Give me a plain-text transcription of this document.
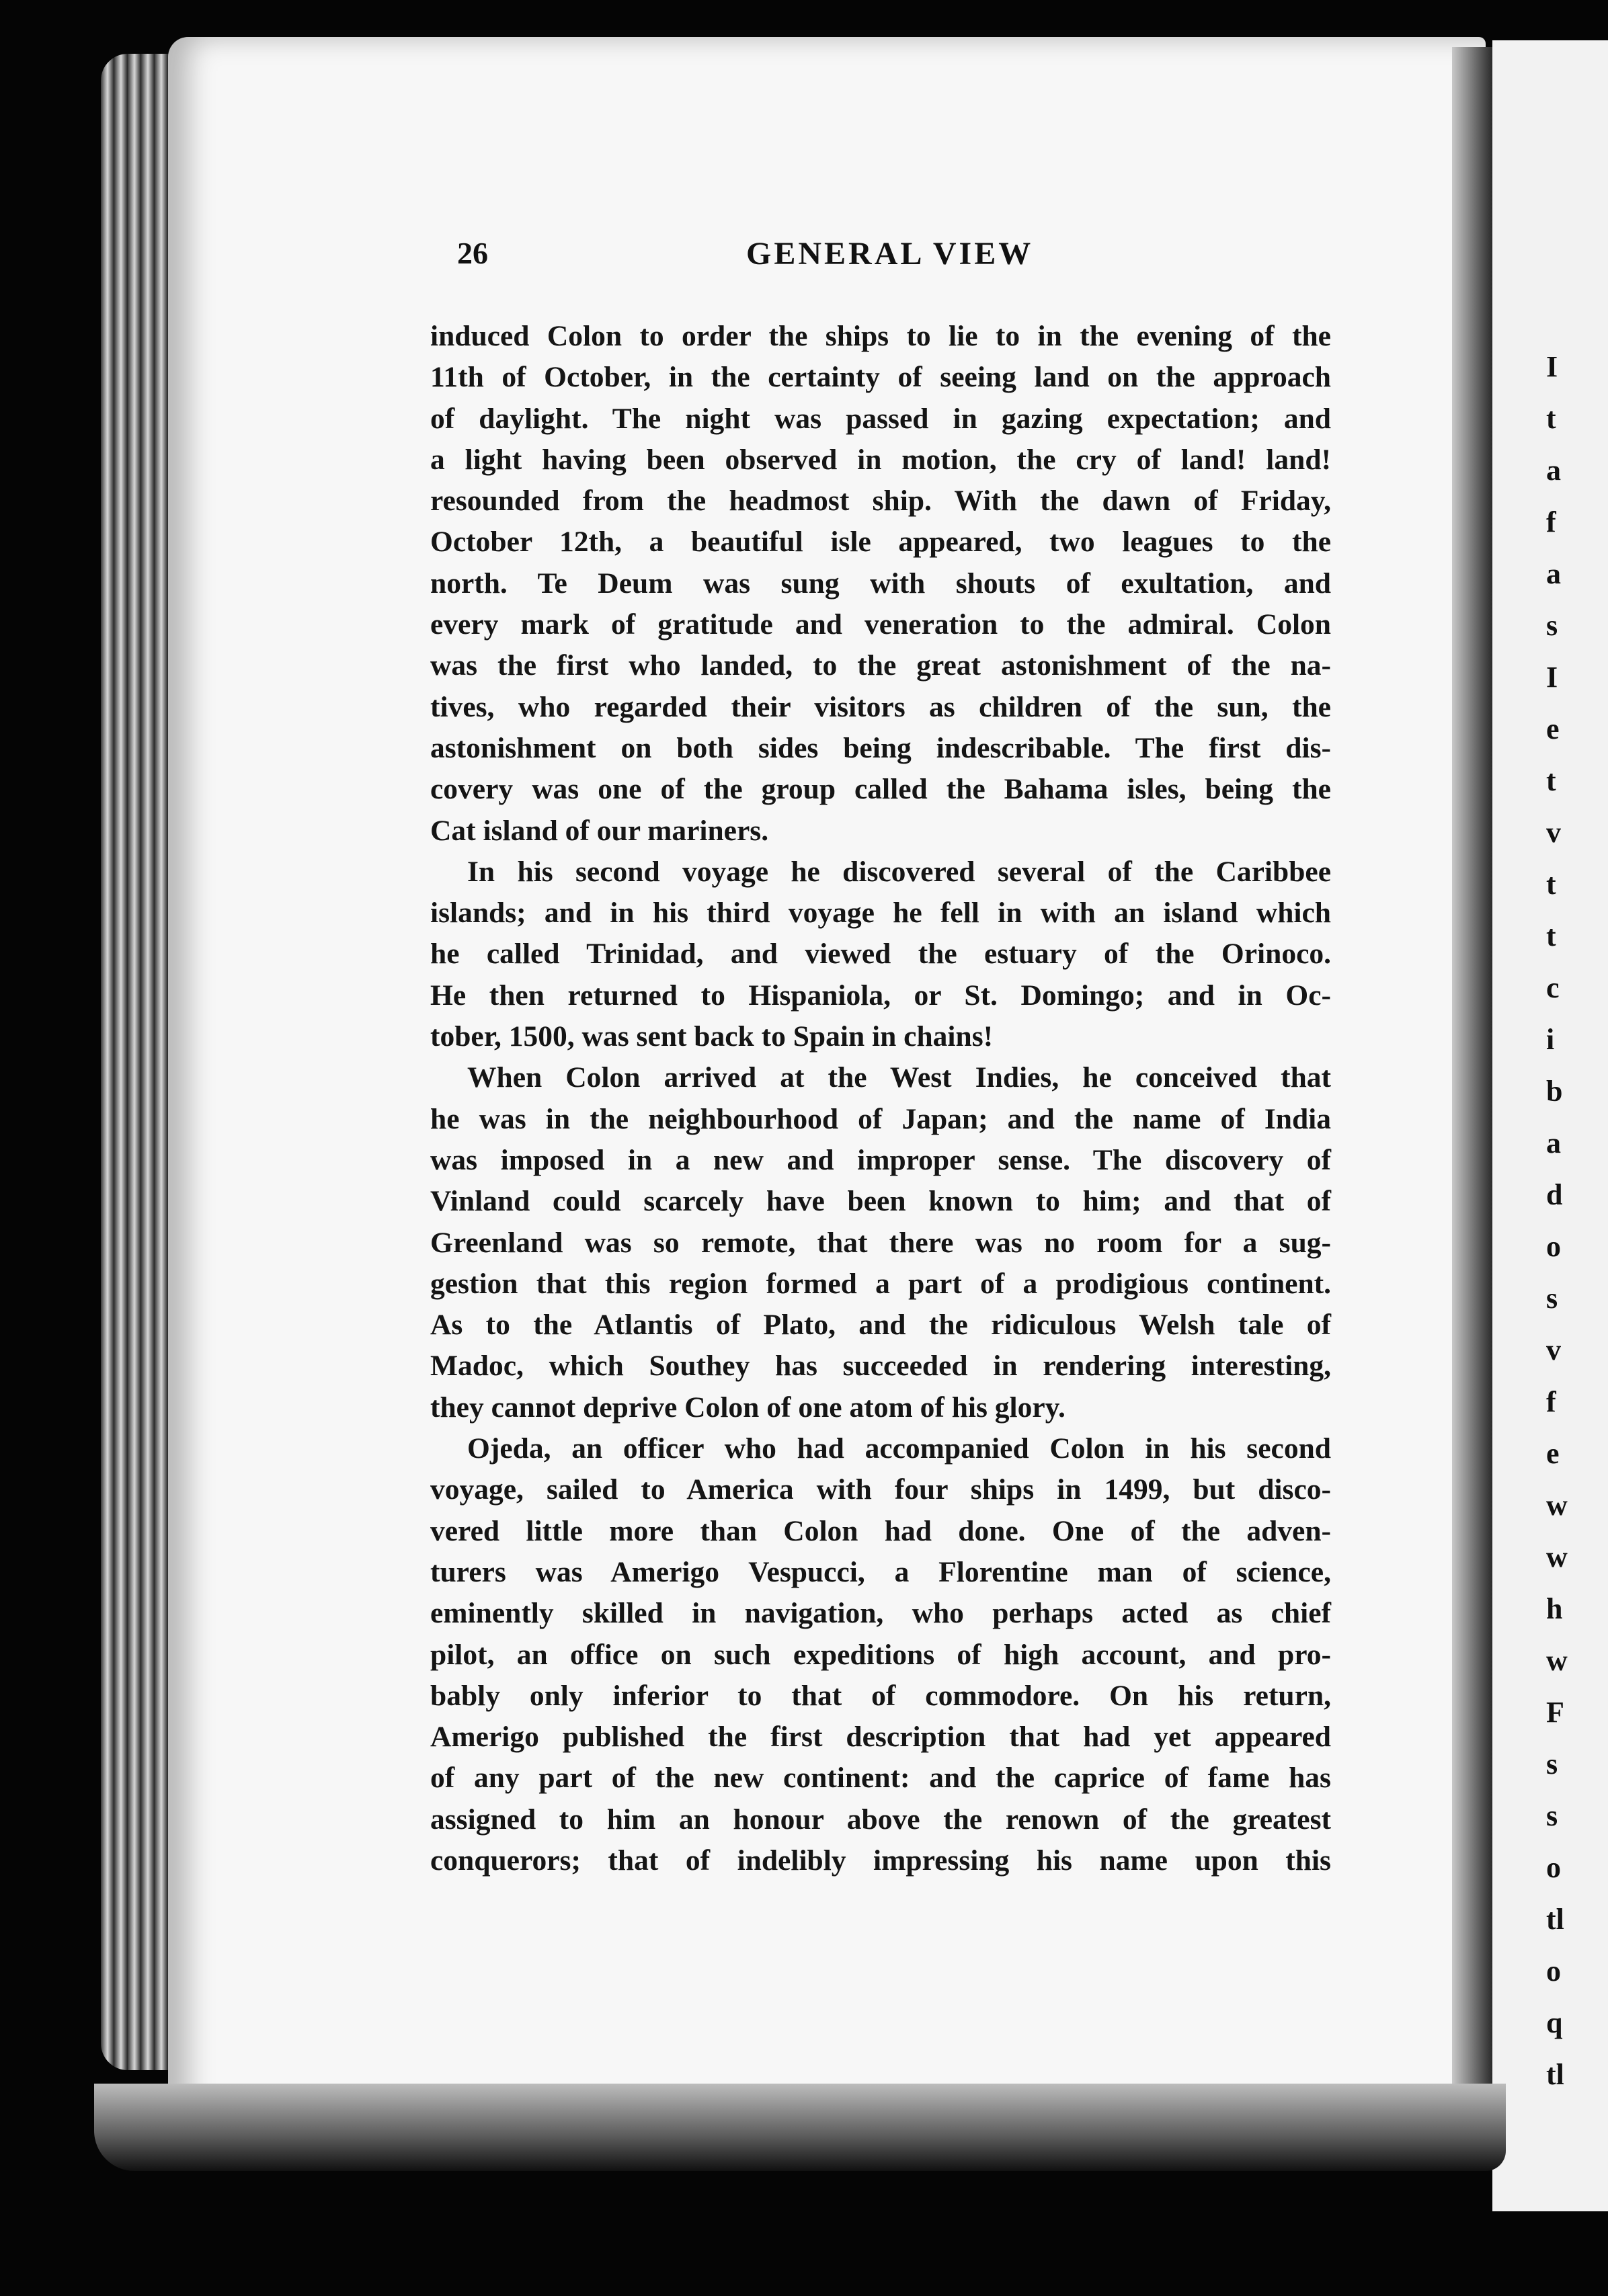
26	GENERAL VIEW
induced Colon to order the ships to lie to in the evening of the
11th of October, in the certainty of seeing land on the approach
of daylight. The night was passed in gazing expectation; and
a light having been observed in motion, the cry of land! land!
resounded from the headmost ship. With the dawn of Friday,
October 12th, a beautiful isle appeared, two leagues to the
north. Te Deum was sung with shouts of exultation, and
every mark of gratitude and veneration to the admiral. Colon
was the first who landed, to the great astonishment of the na-
tives, who regarded their visitors as children of the sun, the
astonishment on both sides being indescribable. The first dis-
covery was one of the group called the Bahama isles, being the
Cat island of our mariners.
In his second voyage he discovered several of the Caribbee
islands; and in his third voyage he fell in with an island which
he called Trinidad, and viewed the estuary of the Orinoco.
He then returned to Hispaniola, or St. Domingo; and in Oc-
tober, 1500, was sent back to Spain in chains!
When Colon arrived at the West Indies, he conceived that
he was in the neighbourhood of Japan; and the name of India
was imposed in a new and improper sense. The discovery of
Vinland could scarcely have been known to him; and that of
Greenland was so remote, that there was no room for a sug-
gestion that this region formed a part of a prodigious continent.
As to the Atlantis of Plato, and the ridiculous Welsh tale of
Madoc, which Southey has succeeded in rendering interesting,
they cannot deprive Colon of one atom of his glory.
Ojeda, an officer who had accompanied Colon in his second
voyage, sailed to America with four ships in 1499, but disco-
vered little more than Colon had done. One of the adven-
turers was Amerigo Vespucci, a Florentine man of science,
eminently skilled in navigation, who perhaps acted as chief
pilot, an office on such expeditions of high account, and pro-
bably only inferior to that of commodore. On his return,
Amerigo published the first description that had yet appeared
of any part of the new continent: and the caprice of fame has
assigned to him an honour above the renown of the greatest
conquerors; that of indelibly impressing his name upon this
I
t
a
f
a
s
I
e
t
v
t
t
c
i
b
a
d
o
s
v
f
e
w
w
h
w
F
s
s
o
tl
o
q
tl
